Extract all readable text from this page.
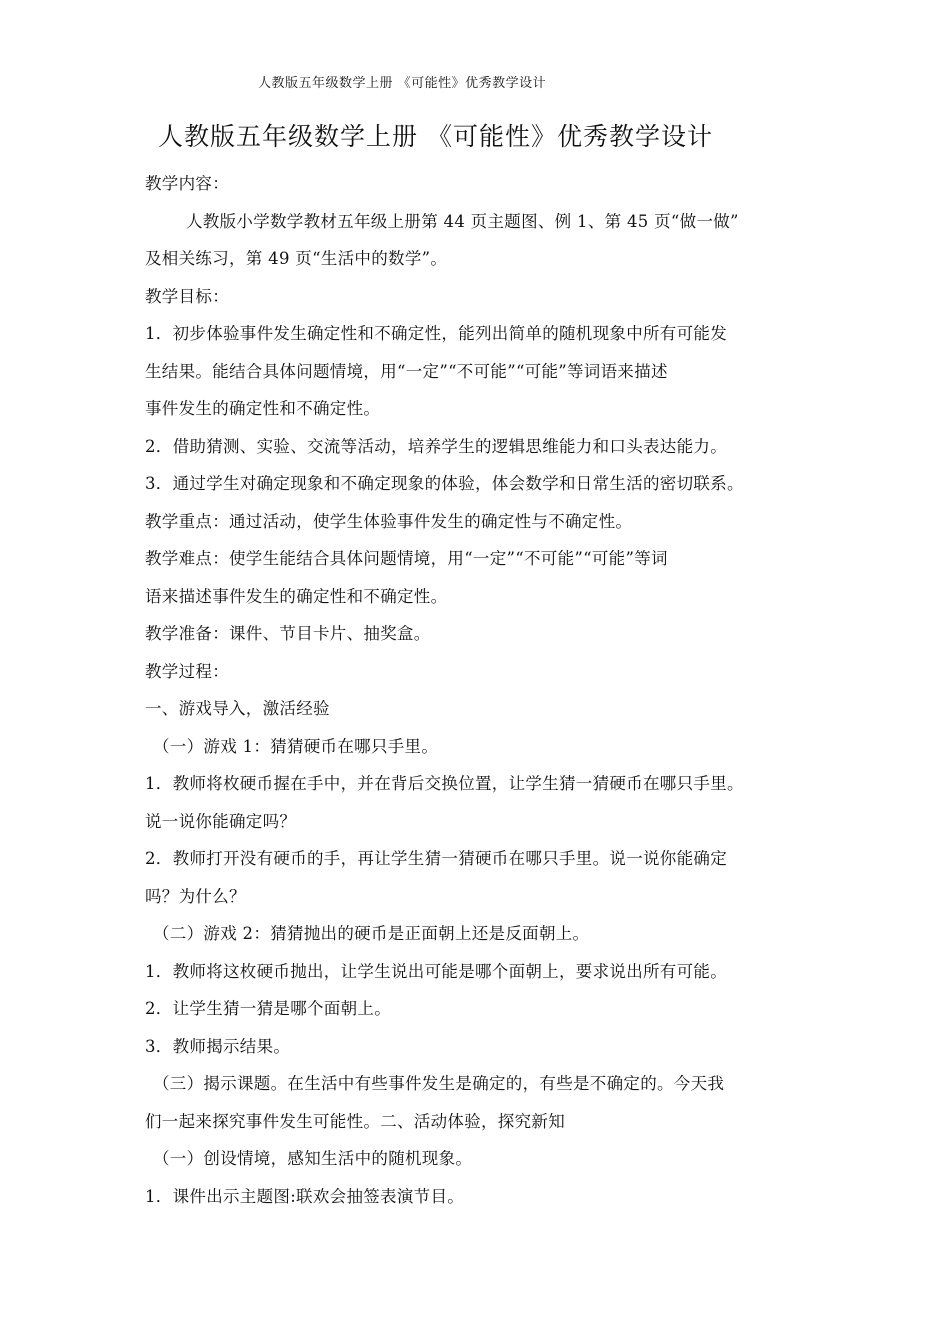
人教版五年级数学上册 《可能性》优秀教学设计
人教版五年级数学上册 《可能性》优秀教学设计
教学内容：
人教版小学数学教材五年级上册第 44 页主题图、例 1、第 45 页“做一做”
及相关练习，第 49 页“生活中的数学”。
教学目标：
1．初步体验事件发生确定性和不确定性，能列出简单的随机现象中所有可能发
生结果。能结合具体问题情境，用“一定”“不可能”“可能”等词语来描述
事件发生的确定性和不确定性。
2．借助猜测、实验、交流等活动，培养学生的逻辑思维能力和口头表达能力。
3．通过学生对确定现象和不确定现象的体验，体会数学和日常生活的密切联系。
教学重点：通过活动，使学生体验事件发生的确定性与不确定性。
教学难点：使学生能结合具体问题情境，用“一定”“不可能”“可能”等词
语来描述事件发生的确定性和不确定性。
教学准备：课件、节目卡片、抽奖盒。
教学过程：
一、游戏导入，激活经验
（一）游戏 1：猜猜硬币在哪只手里。
1．教师将枚硬币握在手中，并在背后交换位置，让学生猜一猜硬币在哪只手里。
说一说你能确定吗？
2．教师打开没有硬币的手，再让学生猜一猜硬币在哪只手里。说一说你能确定
吗？为什么？
（二）游戏 2：猜猜抛出的硬币是正面朝上还是反面朝上。
1．教师将这枚硬币抛出，让学生说出可能是哪个面朝上，要求说出所有可能。
2．让学生猜一猜是哪个面朝上。
3．教师揭示结果。
（三）揭示课题。在生活中有些事件发生是确定的，有些是不确定的。今天我
们一起来探究事件发生可能性。二、活动体验，探究新知
（一）创设情境，感知生活中的随机现象。
1．课件出示主题图:联欢会抽签表演节目。
